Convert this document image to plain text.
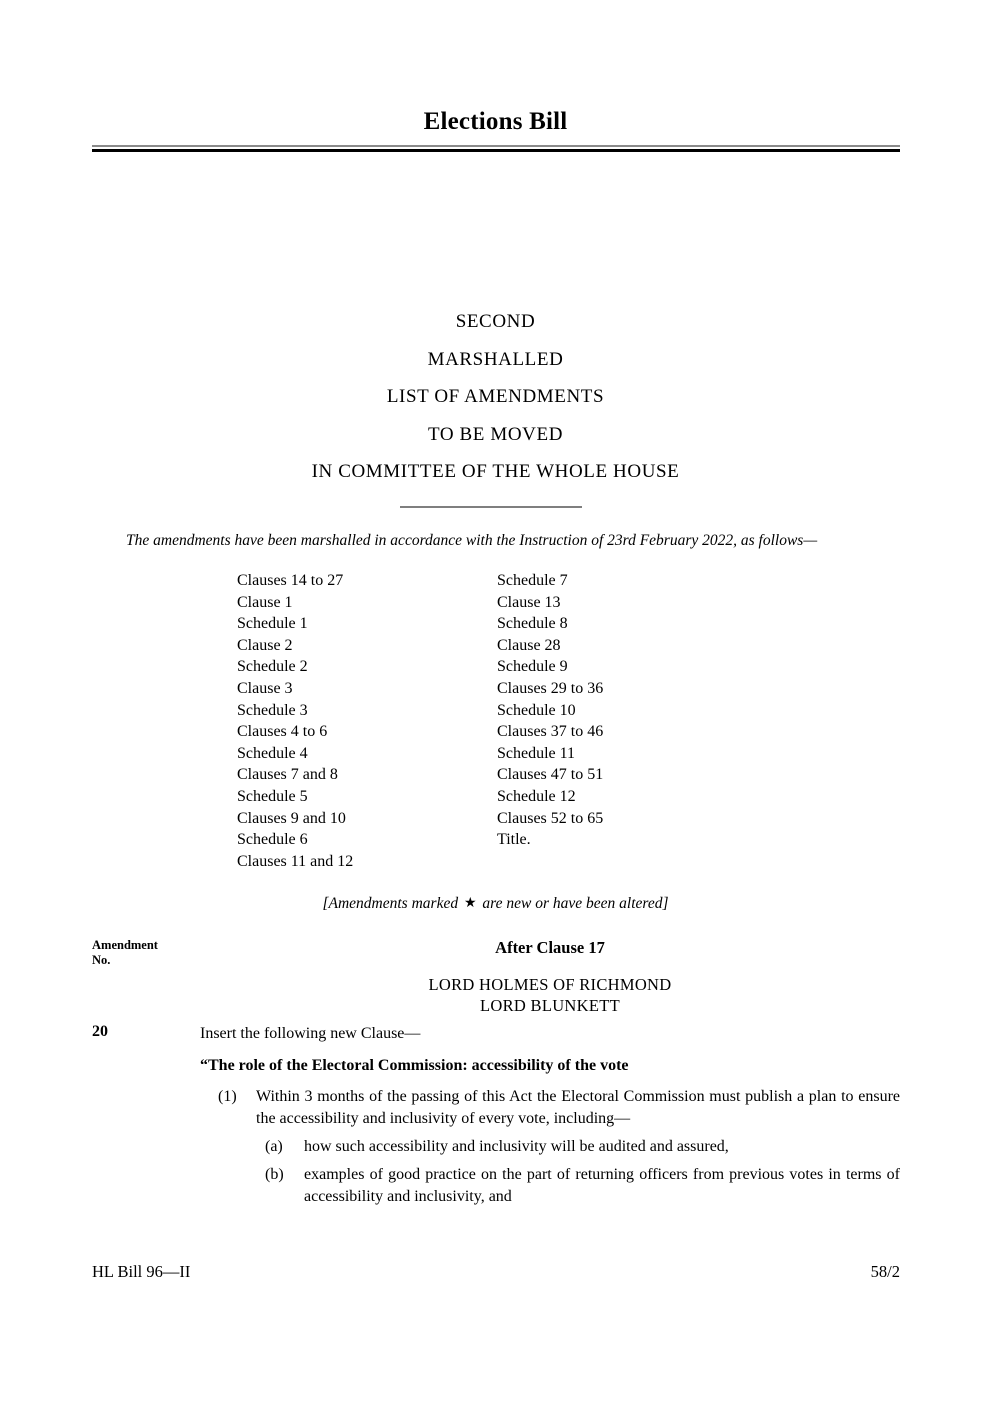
Elections Bill
SECOND
MARSHALLED
LIST OF AMENDMENTS
TO BE MOVED
IN COMMITTEE OF THE WHOLE HOUSE
The amendments have been marshalled in accordance with the Instruction of 23rd February 2022, as follows—
Clauses 14 to 27
Clause 1
Schedule 1
Clause 2
Schedule 2
Clause 3
Schedule 3
Clauses 4 to 6
Schedule 4
Clauses 7 and 8
Schedule 5
Clauses 9 and 10
Schedule 6
Clauses 11 and 12
Schedule 7
Clause 13
Schedule 8
Clause 28
Schedule 9
Clauses 29 to 36
Schedule 10
Clauses 37 to 46
Schedule 11
Clauses 47 to 51
Schedule 12
Clauses 52 to 65
Title.
[Amendments marked ★ are new or have been altered]
Amendment
No.
After Clause 17
LORD HOLMES OF RICHMOND
LORD BLUNKETT
20	Insert the following new Clause—
“The role of the Electoral Commission: accessibility of the vote
(1)	Within 3 months of the passing of this Act the Electoral Commission must publish a plan to ensure the accessibility and inclusivity of every vote, including—
(a)	how such accessibility and inclusivity will be audited and assured,
(b)	examples of good practice on the part of returning officers from previous votes in terms of accessibility and inclusivity, and
HL Bill 96—II	58/2
